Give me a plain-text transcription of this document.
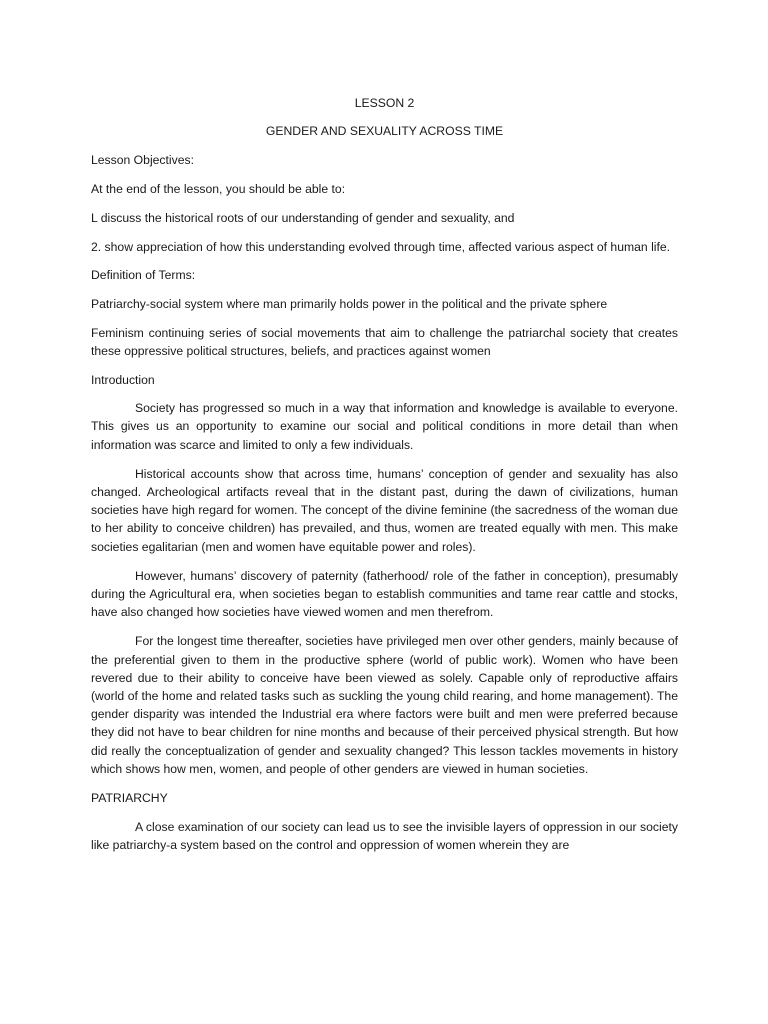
LESSON 2

GENDER AND SEXUALITY ACROSS TIME

Lesson Objectives:

At the end of the lesson, you should be able to:

L discuss the historical roots of our understanding of gender and sexuality, and

2. show appreciation of how this understanding evolved through time, affected various aspect of human life.

Definition of Terms:

Patriarchy-social system where man primarily holds power in the political and the private sphere

Feminism continuing series of social movements that aim to challenge the patriarchal society that creates these oppressive political structures, beliefs, and practices against women

Introduction

Society has progressed so much in a way that information and knowledge is available to everyone. This gives us an opportunity to examine our social and political conditions in more detail than when information was scarce and limited to only a few individuals.

Historical accounts show that across time, humans’ conception of gender and sexuality has also changed. Archeological artifacts reveal that in the distant past, during the dawn of civilizations, human societies have high regard for women. The concept of the divine feminine (the sacredness of the woman due to her ability to conceive children) has prevailed, and thus, women are treated equally with men. This make societies egalitarian (men and women have equitable power and roles).

However, humans’ discovery of paternity (fatherhood/ role of the father in conception), presumably during the Agricultural era, when societies began to establish communities and tame rear cattle and stocks, have also changed how societies have viewed women and men therefrom.

For the longest time thereafter, societies have privileged men over other genders, mainly because of the preferential given to them in the productive sphere (world of public work). Women who have been revered due to their ability to conceive have been viewed as solely. Capable only of reproductive affairs (world of the home and related tasks such as suckling the young child rearing, and home management). The gender disparity was intended the Industrial era where factors were built and men were preferred because they did not have to bear children for nine months and because of their perceived physical strength. But how did really the conceptualization of gender and sexuality changed? This lesson tackles movements in history which shows how men, women, and people of other genders are viewed in human societies.

PATRIARCHY

A close examination of our society can lead us to see the invisible layers of oppression in our society like patriarchy-a system based on the control and oppression of women wherein they are
